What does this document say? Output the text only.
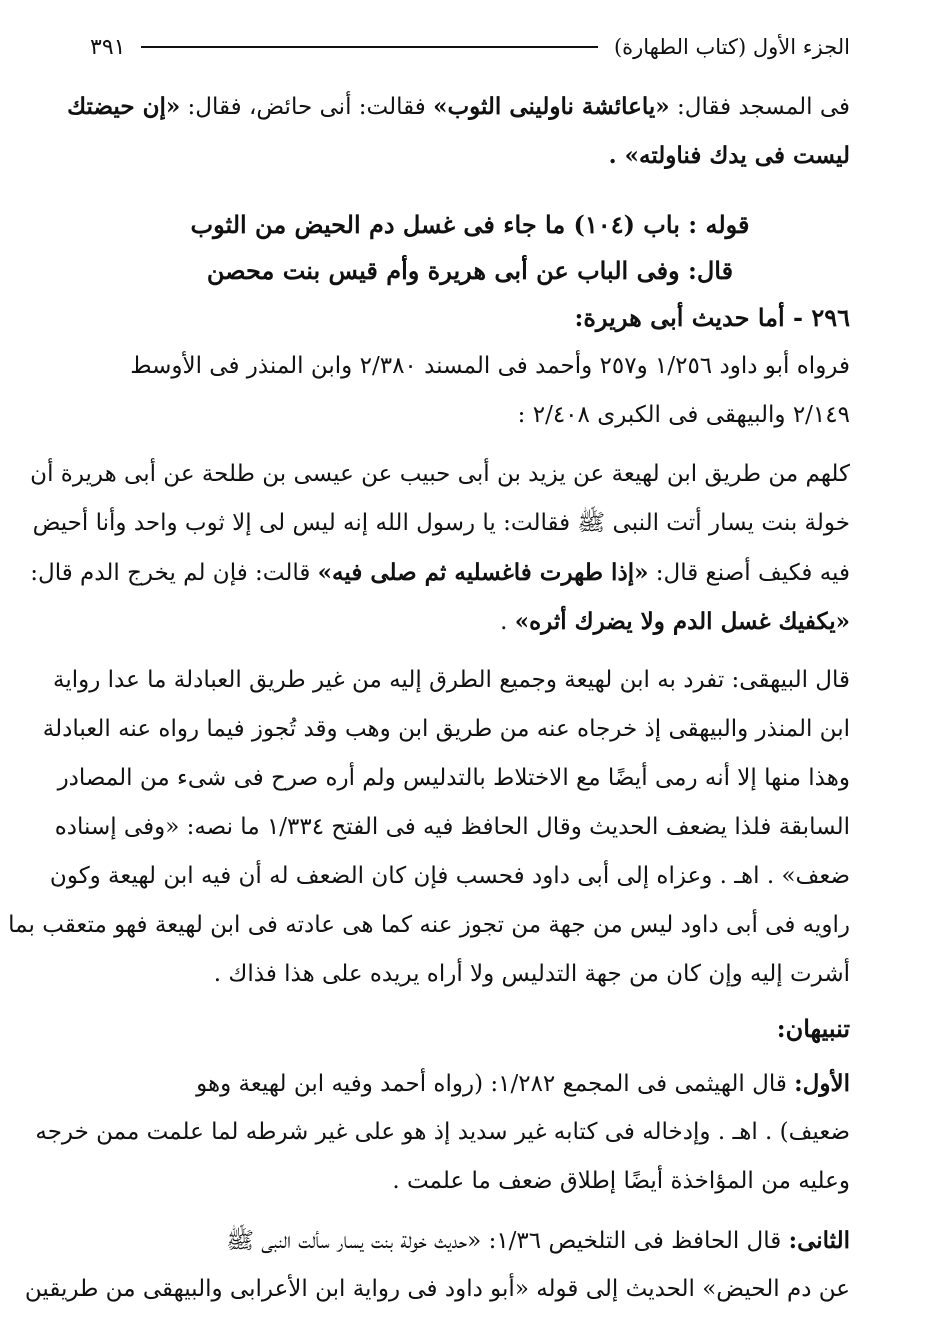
الجزء الأول (كتاب الطهارة)
٣٩١
فى المسجد فقال: «ياعائشة ناولينى الثوب» فقالت: أنى حائض، فقال: «إن حيضتك
ليست فى يدك فناولته» .
قوله : باب (١٠٤) ما جاء فى غسل دم الحيض من الثوب
قال: وفى الباب عن أبى هريرة وأم قيس بنت محصن
٢٩٦ - أما حديث أبى هريرة:
فرواه أبو داود ١/٢٥٦ و٢٥٧ وأحمد فى المسند ٢/٣٨٠ وابن المنذر فى الأوسط
٢/١٤٩ والبيهقى فى الكبرى ٢/٤٠٨ :
كلهم من طريق ابن لهيعة عن يزيد بن أبى حبيب عن عيسى بن طلحة عن أبى هريرة أن
خولة بنت يسار أتت النبى ﷺ فقالت: يا رسول الله إنه ليس لى إلا ثوب واحد وأنا أحيض
فيه فكيف أصنع قال: «إذا طهرت فاغسليه ثم صلى فيه» قالت: فإن لم يخرج الدم قال:
«يكفيك غسل الدم ولا يضرك أثره» .
قال البيهقى: تفرد به ابن لهيعة وجميع الطرق إليه من غير طريق العبادلة ما عدا رواية
ابن المنذر والبيهقى إذ خرجاه عنه من طريق ابن وهب وقد تُجوز فيما رواه عنه العبادلة
وهذا منها إلا أنه رمى أيضًا مع الاختلاط بالتدليس ولم أره صرح فى شىء من المصادر
السابقة فلذا يضعف الحديث وقال الحافظ فيه فى الفتح ١/٣٣٤ ما نصه: «وفى إسناده
ضعف» . اهـ . وعزاه إلى أبى داود فحسب فإن كان الضعف له أن فيه ابن لهيعة وكون
راويه فى أبى داود ليس من جهة من تجوز عنه كما هى عادته فى ابن لهيعة فهو متعقب بما
أشرت إليه وإن كان من جهة التدليس ولا أراه يريده على هذا فذاك .
تنبيهان:
الأول: قال الهيثمى فى المجمع ١/٢٨٢: (رواه أحمد وفيه ابن لهيعة وهو
ضعيف) . اهـ . وإدخاله فى كتابه غير سديد إذ هو على غير شرطه لما علمت ممن خرجه
وعليه من المؤاخذة أيضًا إطلاق ضعف ما علمت .
الثانى: قال الحافظ فى التلخيص ١/٣٦: «حديث خولة بنت يسار سألت النبى ﷺ
عن دم الحيض» الحديث إلى قوله «أبو داود فى رواية ابن الأعرابى والبيهقى من طريقين
